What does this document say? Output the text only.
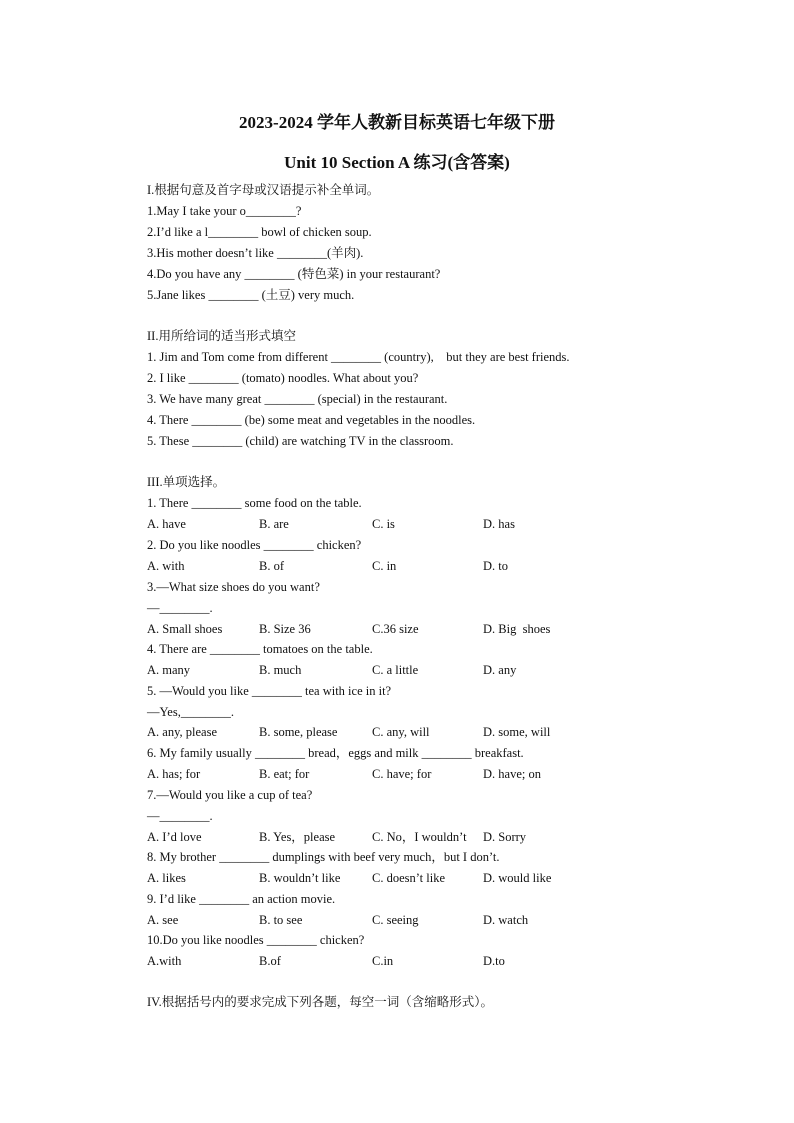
2023-2024 学年人教新目标英语七年级下册
Unit 10 Section A 练习(含答案)
I.根据句意及首字母或汉语提示补全单词。
1.May I take your o________?
2.I’d like a l________ bowl of chicken soup.
3.His mother doesn’t like ________(羊肉).
4.Do you have any ________ (特色菜) in your restaurant?
5.Jane likes ________ (土豆) very much.
II.用所给词的适当形式填空
1. Jim and Tom come from different ________ (country),    but they are best friends.
2. I like ________ (tomato) noodles. What about you?
3. We have many great ________ (special) in the restaurant.
4. There ________ (be) some meat and vegetables in the noodles.
5. These ________ (child) are watching TV in the classroom.
III.单项选择。
1. There ________ some food on the table.
A. have	B. are	C. is	D. has
2. Do you like noodles ________ chicken?
A. with	B. of	C. in	D. to
3.—What size shoes do you want?
—________.
A. Small shoes	B. Size 36	C.36 size	D. Big  shoes
4. There are ________ tomatoes on the table.
A. many	B. much	C. a little	D. any
5. —Would you like ________ tea with ice in it?
—Yes,________.
A. any, please	B. some, please	C. any, will	D. some, will
6. My family usually ________ bread，eggs and milk ________ breakfast.
A. has; for	B. eat; for	C. have; for	D. have; on
7.—Would you like a cup of tea?
—________.
A. I’d love	B. Yes，please	C. No，I wouldn’t D. Sorry
8. My brother ________ dumplings with beef very much，but I don’t.
A. likes	B. wouldn’t like	C. doesn’t like	D. would like
9. I’d like ________ an action movie.
A. see	B. to see	C. seeing	D. watch
10.Do you like noodles ________ chicken?
A.with	B.of	C.in	D.to
IV.根据括号内的要求完成下列各题，每空一词（含缩略形式）。
